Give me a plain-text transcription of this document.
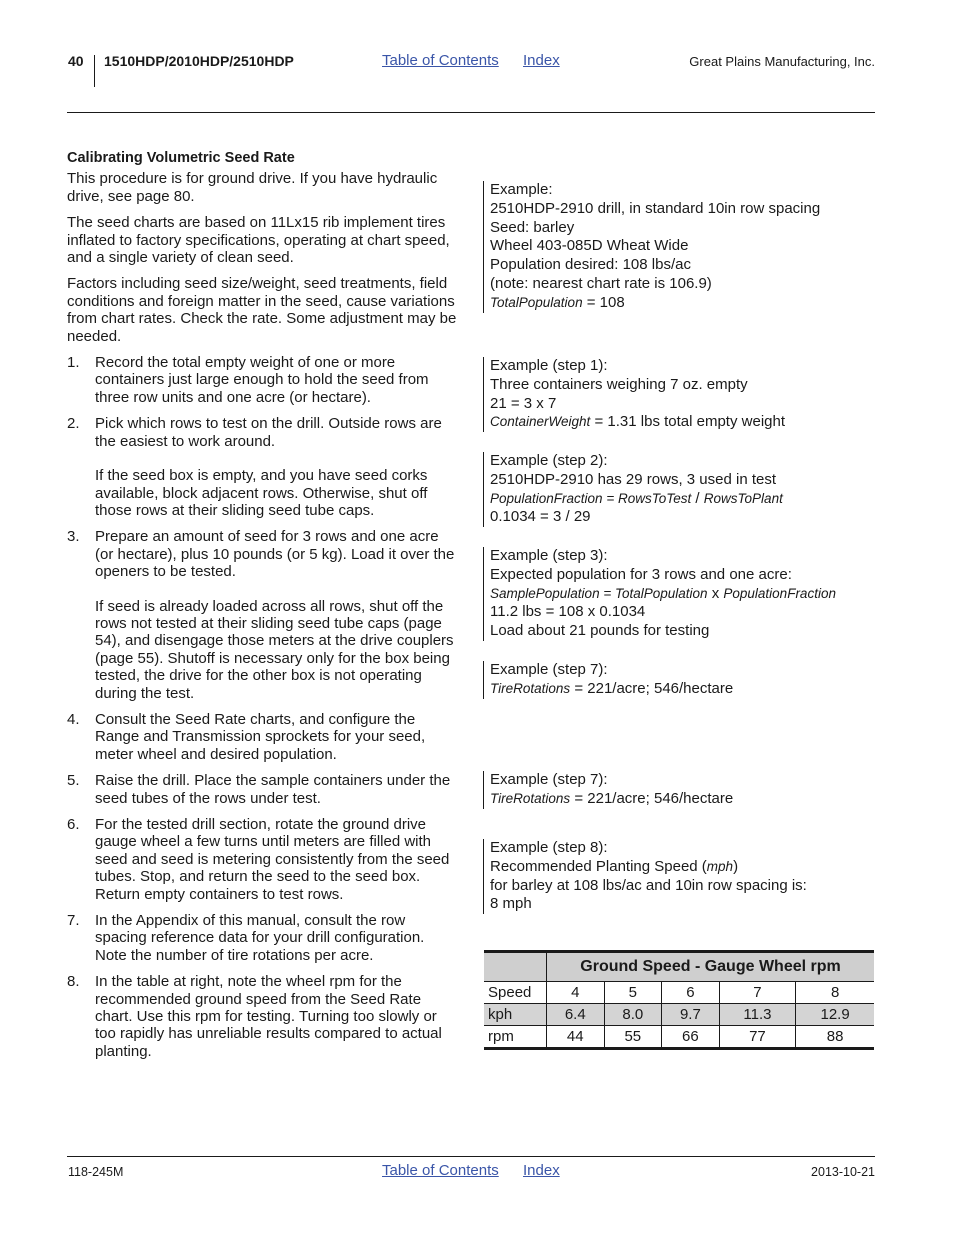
40 1510HDP/2010HDP/2510HDP	Table of Contents Index	Great Plains Manufacturing, Inc.
Calibrating Volumetric Seed Rate

This procedure is for ground drive. If you have hydraulic drive, see page 80.

The seed charts are based on 11Lx15 rib implement tires inflated to factory specifications, operating at chart speed, and a single variety of clean seed.

Factors including seed size/weight, seed treatments, field conditions and foreign matter in the seed, cause variations from chart rates. Check the rate. Some adjustment may be needed.

1. Record the total empty weight of one or more containers just large enough to hold the seed from three row units and one acre (or hectare).
2. Pick which rows to test on the drill. Outside rows are the easiest to work around.
If the seed box is empty, and you have seed corks available, block adjacent rows. Otherwise, shut off those rows at their sliding seed tube caps.
3. Prepare an amount of seed for 3 rows and one acre (or hectare), plus 10 pounds (or 5 kg). Load it over the openers to be tested.
If seed is already loaded across all rows, shut off the rows not tested at their sliding seed tube caps (page 54), and disengage those meters at the drive couplers (page 55). Shutoff is necessary only for the box being tested, the drive for the other box is not operating during the test.
4. Consult the Seed Rate charts, and configure the Range and Transmission sprockets for your seed, meter wheel and desired population.
5. Raise the drill. Place the sample containers under the seed tubes of the rows under test.
6. For the tested drill section, rotate the ground drive gauge wheel a few turns until meters are filled with seed and seed is metering consistently from the seed tubes. Stop, and return the seed to the seed box. Return empty containers to test rows.
7. In the Appendix of this manual, consult the row spacing reference data for your drill configuration. Note the number of tire rotations per acre.
8. In the table at right, note the wheel rpm for the recommended ground speed from the Seed Rate chart. Use this rpm for testing. Turning too slowly or too rapidly has unreliable results compared to actual planting.
Example:
2510HDP-2910 drill, in standard 10in row spacing
Seed: barley
Wheel 403-085D Wheat Wide
Population desired: 108 lbs/ac
(note: nearest chart rate is 106.9)
TotalPopulation = 108
Example (step 1):
Three containers weighing 7 oz. empty
21 = 3 x 7
ContainerWeight = 1.31 lbs total empty weight
Example (step 2):
2510HDP-2910 has 29 rows, 3 used in test
PopulationFraction = RowsToTest / RowsToPlant
0.1034 = 3 / 29
Example (step 3):
Expected population for 3 rows and one acre:
SamplePopulation = TotalPopulation x PopulationFraction
11.2 lbs = 108 x 0.1034
Load about 21 pounds for testing
Example (step 7):
TireRotations = 221/acre; 546/hectare
Example (step 7):
TireRotations = 221/acre; 546/hectare
Example (step 8):
Recommended Planting Speed (mph)
for barley at 108 lbs/ac and 10in row spacing is:
8 mph
	Ground Speed - Gauge Wheel rpm				
Speed	4	5	6	7	8
kph	6.4	8.0	9.7	11.3	12.9
rpm	44	55	66	77	88
118-245M	Table of Contents Index	2013-10-21
